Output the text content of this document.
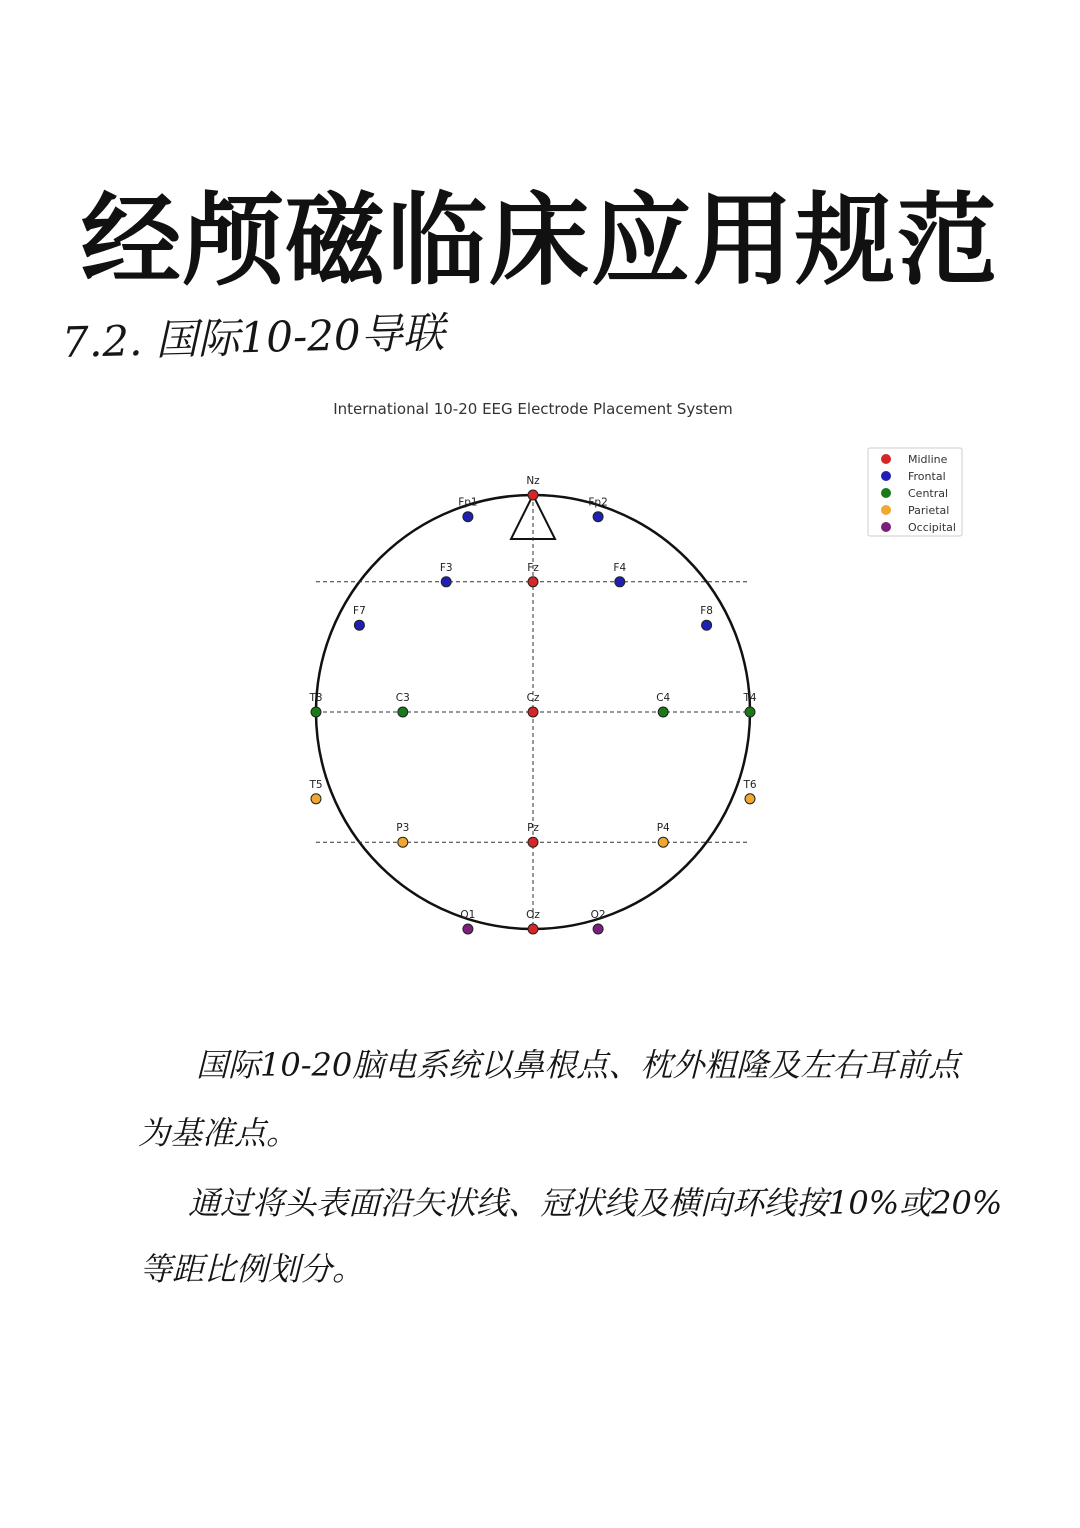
经颅磁临床应用规范
7.2. 国际10-20导联
International 10-20 EEG Electrode Placement System
Nz
Fp1	Fp2
F3	Fz	F4
F7	F8
T3	C3	Cz	C4	T4
T5	T6
P3	Pz	P4
O1	Oz	O2
Midline
Frontal
Central
Parietal
Occipital
国际10-20脑电系统以鼻根点、枕外粗隆及左右耳前点
为基准点。
通过将头表面沿矢状线、冠状线及横向环线按10%或20%
等距比例划分。
